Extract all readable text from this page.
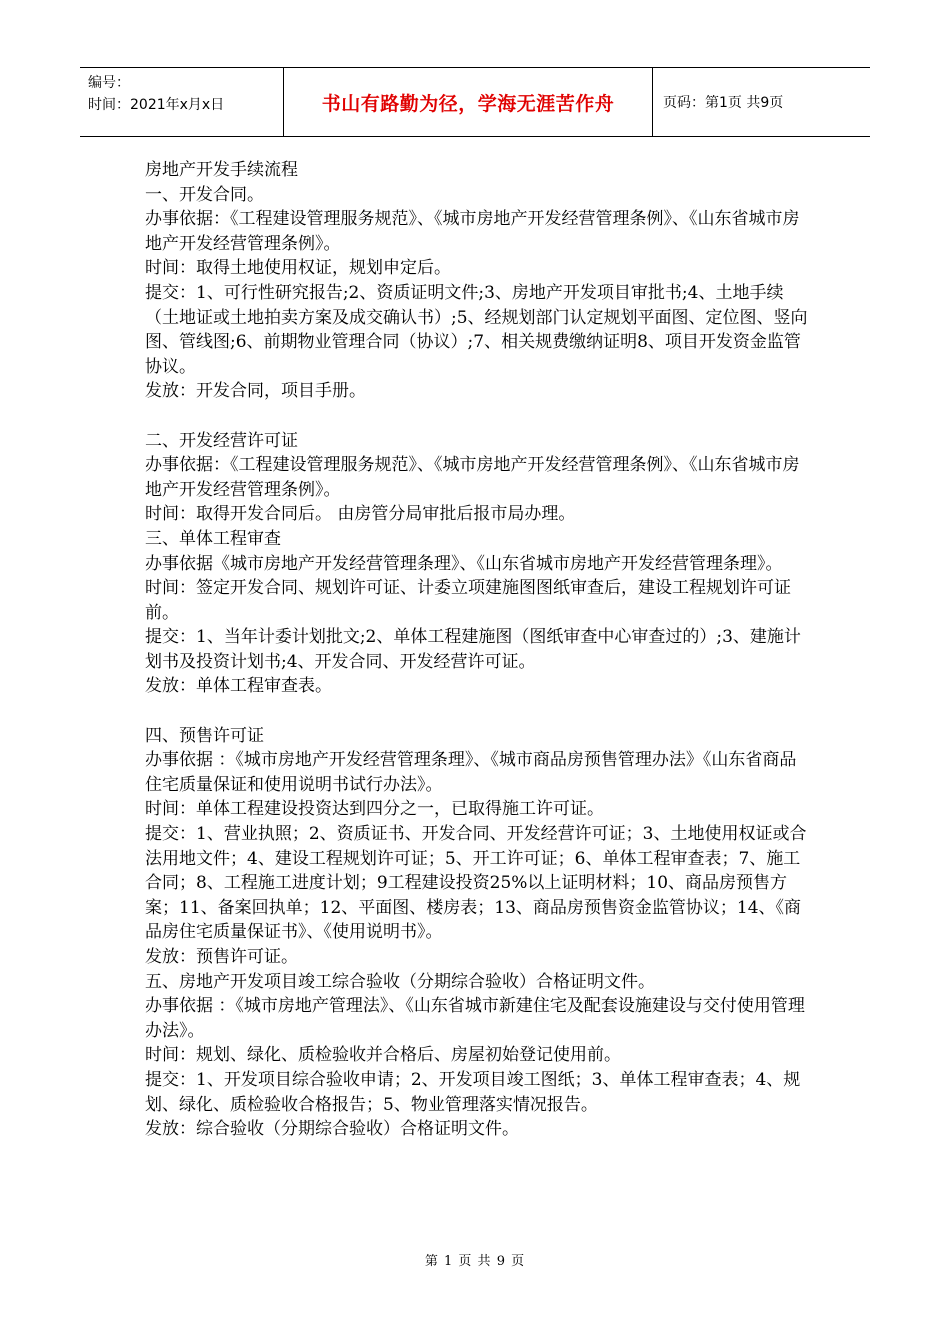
编号：
时间：2021年x月x日	书山有路勤为径，学海无涯苦作舟	页码：第1页 共9页

房地产开发手续流程

一、开发合同。

办事依据：《工程建设管理服务规范》、《城市房地产开发经营管理条例》、《山东省城市房地产开发经营管理条例》。

时间：取得土地使用权证，规划申定后。

提交：1、可行性研究报告;2、资质证明文件;3、房地产开发项目审批书;4、土地手续（土地证或土地拍卖方案及成交确认书）;5、经规划部门认定规划平面图、定位图、竖向图、管线图;6、前期物业管理合同（协议）;7、相关规费缴纳证明8、项目开发资金监管协议。

发放：开发合同，项目手册。

二、开发经营许可证

办事依据：《工程建设管理服务规范》、《城市房地产开发经营管理条例》、《山东省城市房地产开发经营管理条例》。

时间：取得开发合同后。 由房管分局审批后报市局办理。

三、单体工程审查

办事依据《城市房地产开发经营管理条理》、《山东省城市房地产开发经营管理条理》。

时间：签定开发合同、规划许可证、计委立项建施图图纸审查后，建设工程规划许可证前。

提交：1、当年计委计划批文;2、单体工程建施图（图纸审查中心审查过的）;3、建施计划书及投资计划书;4、开发合同、开发经营许可证。

发放：单体工程审查表。

四、预售许可证

办事依据 ：《城市房地产开发经营管理条理》、《城市商品房预售管理办法》《山东省商品住宅质量保证和使用说明书试行办法》。

时间：单体工程建设投资达到四分之一，已取得施工许可证。

提交：1、营业执照；2、资质证书、开发合同、开发经营许可证；3、土地使用权证或合法用地文件；4、建设工程规划许可证；5、开工许可证；6、单体工程审查表；7、施工合同；8、工程施工进度计划；9工程建设投资25%以上证明材料；10、商品房预售方案；11、备案回执单；12、平面图、楼房表；13、商品房预售资金监管协议；14、《商品房住宅质量保证书》、《使用说明书》。

发放：预售许可证。

五、房地产开发项目竣工综合验收（分期综合验收）合格证明文件。

办事依据 ：《城市房地产管理法》、《山东省城市新建住宅及配套设施建设与交付使用管理办法》。

时间：规划、绿化、质检验收并合格后、房屋初始登记使用前。

提交：1、开发项目综合验收申请；2、开发项目竣工图纸；3、单体工程审查表；4、规划、绿化、质检验收合格报告；5、物业管理落实情况报告。

发放：综合验收（分期综合验收）合格证明文件。

第 1 页 共 9 页
